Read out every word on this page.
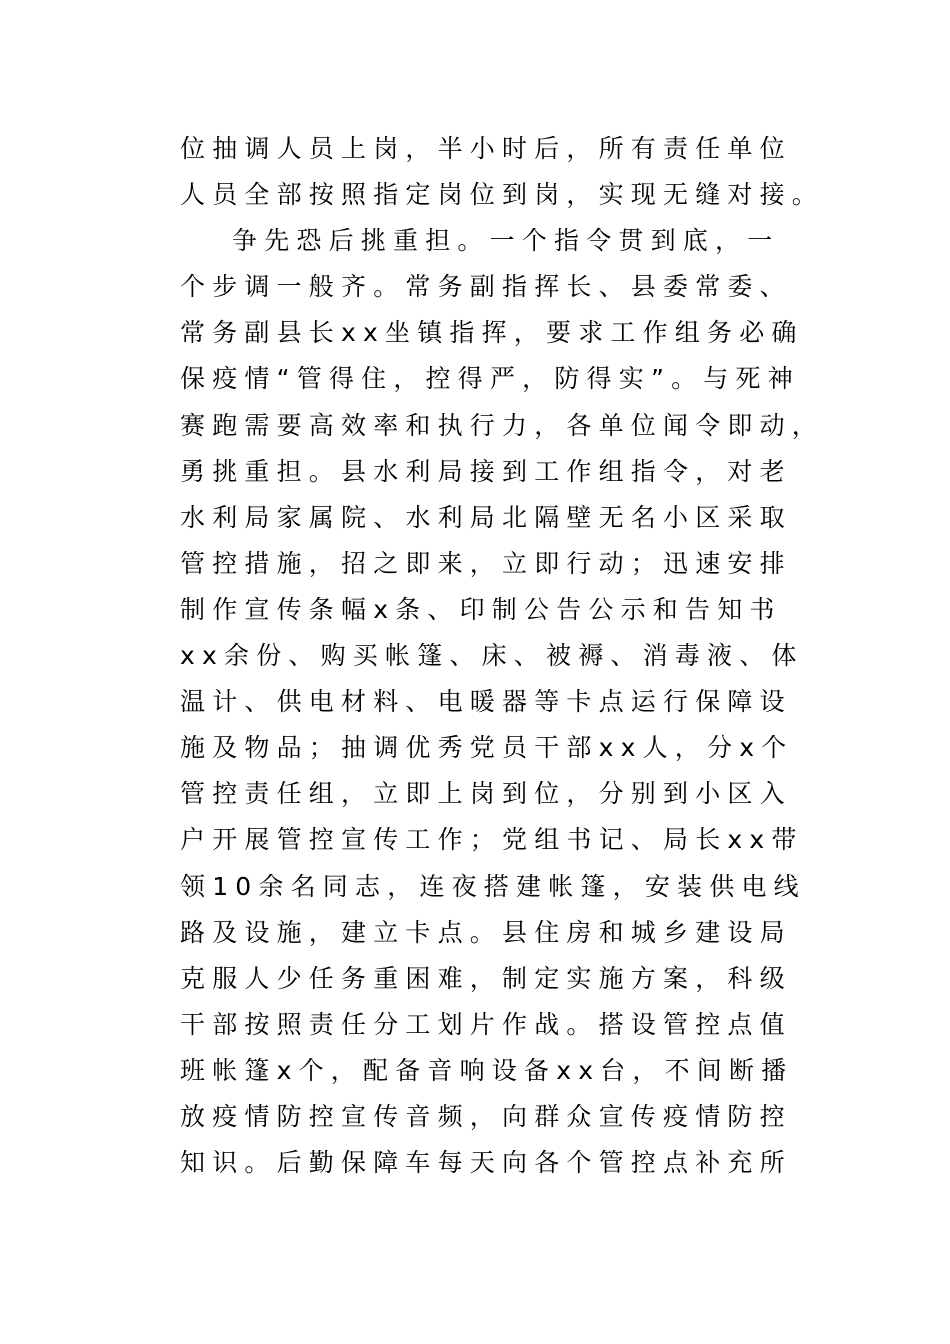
位抽调人员上岗，半小时后，所有责任单位
人员全部按照指定岗位到岗，实现无缝对接。
争先恐后挑重担。一个指令贯到底，一
个步调一般齐。常务副指挥长、县委常委、
常务副县长xx坐镇指挥，要求工作组务必确
保疫情“管得住，控得严，防得实”。与死神
赛跑需要高效率和执行力，各单位闻令即动，
勇挑重担。县水利局接到工作组指令，对老
水利局家属院、水利局北隔壁无名小区采取
管控措施，招之即来，立即行动；迅速安排
制作宣传条幅x条、印制公告公示和告知书
xx余份、购买帐篷、床、被褥、消毒液、体
温计、供电材料、电暖器等卡点运行保障设
施及物品；抽调优秀党员干部xx人，分x个
管控责任组，立即上岗到位，分别到小区入
户开展管控宣传工作；党组书记、局长xx带
领10余名同志，连夜搭建帐篷，安装供电线
路及设施，建立卡点。县住房和城乡建设局
克服人少任务重困难，制定实施方案，科级
干部按照责任分工划片作战。搭设管控点值
班帐篷x个，配备音响设备xx台，不间断播
放疫情防控宣传音频，向群众宣传疫情防控
知识。后勤保障车每天向各个管控点补充所
